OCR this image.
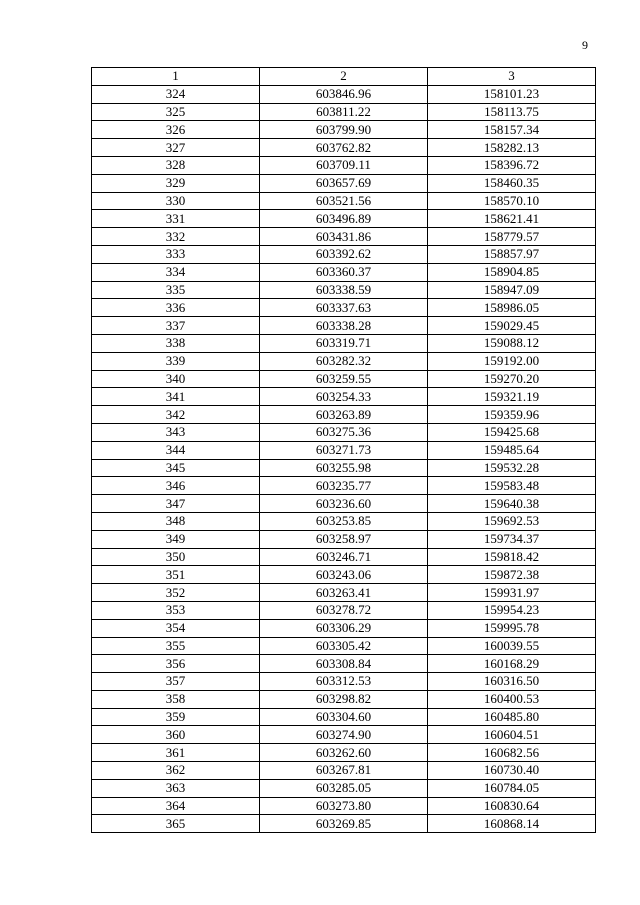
9
1	2	3
324	603846.96	158101.23
325	603811.22	158113.75
326	603799.90	158157.34
327	603762.82	158282.13
328	603709.11	158396.72
329	603657.69	158460.35
330	603521.56	158570.10
331	603496.89	158621.41
332	603431.86	158779.57
333	603392.62	158857.97
334	603360.37	158904.85
335	603338.59	158947.09
336	603337.63	158986.05
337	603338.28	159029.45
338	603319.71	159088.12
339	603282.32	159192.00
340	603259.55	159270.20
341	603254.33	159321.19
342	603263.89	159359.96
343	603275.36	159425.68
344	603271.73	159485.64
345	603255.98	159532.28
346	603235.77	159583.48
347	603236.60	159640.38
348	603253.85	159692.53
349	603258.97	159734.37
350	603246.71	159818.42
351	603243.06	159872.38
352	603263.41	159931.97
353	603278.72	159954.23
354	603306.29	159995.78
355	603305.42	160039.55
356	603308.84	160168.29
357	603312.53	160316.50
358	603298.82	160400.53
359	603304.60	160485.80
360	603274.90	160604.51
361	603262.60	160682.56
362	603267.81	160730.40
363	603285.05	160784.05
364	603273.80	160830.64
365	603269.85	160868.14
